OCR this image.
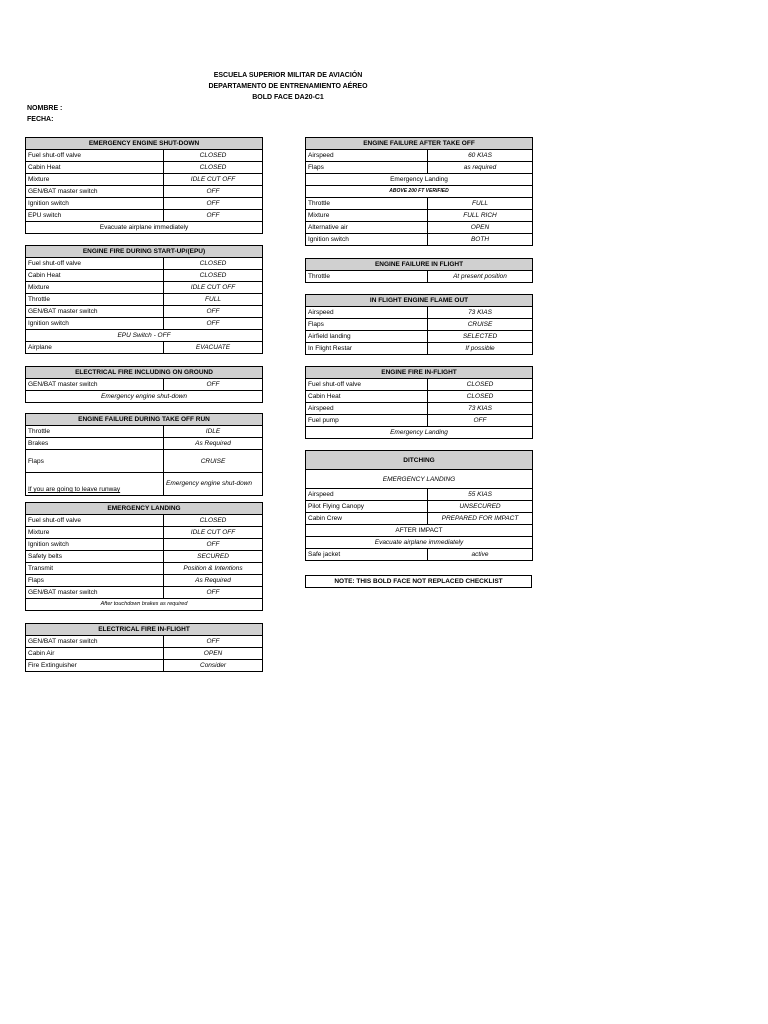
ESCUELA SUPERIOR MILITAR DE AVIACIÓN
DEPARTAMENTO DE ENTRENAMIENTO AÉREO
BOLD FACE DA20-C1
NOMBRE :
FECHA:
EMERGENCY ENGINE SHUT-DOWN	
Fuel shut-off valve	CLOSED
Cabin Heat	CLOSED
Mixture	IDLE CUT OFF
GEN/BAT master switch	OFF
Ignition switch	OFF
EPU switch	OFF
Evacuate airplane immediately	
ENGINE FIRE DURING START-UP/(EPU)	
Fuel shut-off valve	CLOSED
Cabin Heat	CLOSED
Mixture	IDLE CUT OFF
Throttle	FULL
GEN/BAT master switch	OFF
Ignition switch	OFF
EPU Switch - OFF	
Airplane	EVACUATE
ELECTRICAL FIRE INCLUDING ON GROUND
GEN/BAT master switch	OFF
Emergency engine shut-down
ENGINE FAILURE DURING TAKE OFF RUN	
Throttle	IDLE
Brakes	As Required
Flaps	CRUISE
If you are going to leave runway	Emergency engine shut-down
EMERGENCY LANDING	
Fuel shut-off valve	CLOSED
Mixture	IDLE CUT OFF
Ignition switch	OFF
Safety belts	SECURED
Transmit	Position & Intentions
Flaps	As Required
GEN/BAT master switch	OFF
After touchdown brakes as required	
ELECTRICAL FIRE IN-FLIGHT	
GEN/BAT master switch	OFF
Cabin Air	OPEN
Fire Extinguisher	Consider
ENGINE FAILURE AFTER TAKE OFF	
Airspeed	60 KIAS
Flaps	as required
Emergency Landing	
ABOVE 200 FT VERIFIED	
Throttle	FULL
Mixture	FULL RICH
Alternative air	OPEN
Ignition switch	BOTH
ENGINE FAILURE IN FLIGHT
Throttle	At present position
IN FLIGHT ENGINE FLAME OUT	
Airspeed	73 KIAS
Flaps	CRUISE
Airfield landing	SELECTED
In Flight Restar	If possible
ENGINE FIRE IN-FLIGHT	
Fuel shut-off valve	CLOSED
Cabin Heat	CLOSED
Airspeed	73 KIAS
Fuel pump	OFF
Emergency Landing	
DITCHING	
EMERGENCY LANDING	
Airspeed	55 KIAS
Pilot Flying Canopy	UNSECURED
Cabin Crew	PREPARED FOR IMPACT
AFTER IMPACT	
Evacuate airplane immediately	
Safe jacket	active
NOTE: THIS BOLD FACE NOT REPLACED CHECKLIST
